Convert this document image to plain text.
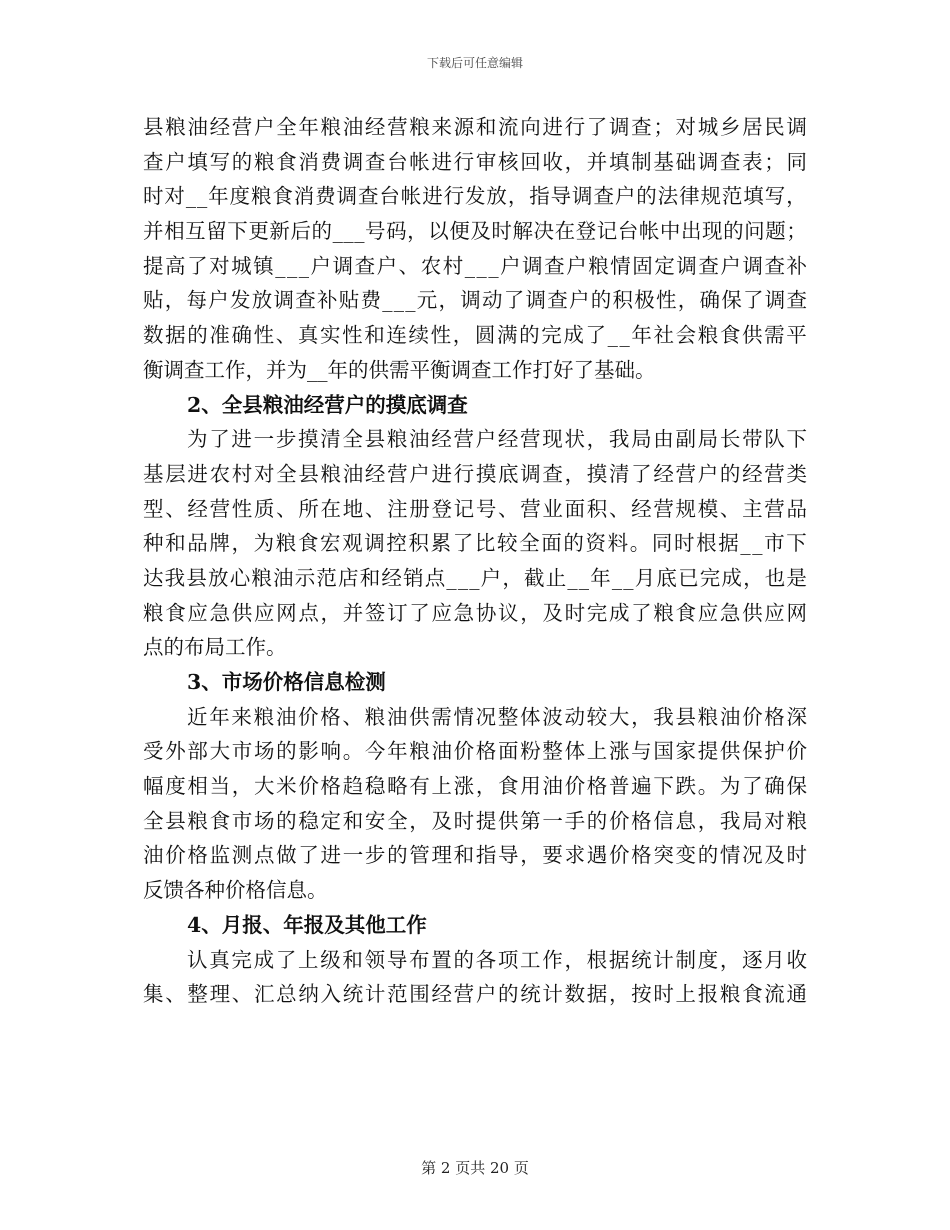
下载后可任意编辑
县 粮 油 经 营 户 全 年 粮 油 经 营 粮 来 源 和 流 向 进 行 了 调 查 ； 对 城 乡 居 民 调
查 户 填 写 的 粮 食 消 费 调 查 台 帐 进 行 审 核 回 收 ， 并 填 制 基 础 调 查 表 ； 同
时 对 _ _ 年 度 粮 食 消 费 调 查 台 帐 进 行 发 放 ， 指 导 调 查 户 的 法 律 规 范 填 写 ，
并 相 互 留 下 更 新 后 的 _ _ _ 号 码 ， 以 便 及 时 解 决 在 登 记 台 帐 中 出 现 的 问 题 ；
提 高 了 对 城 镇 _ _ _ 户 调 查 户 、 农 村 _ _ _ 户 调 查 户 粮 情 固 定 调 查 户 调 查 补
贴 ， 每 户 发 放 调 查 补 贴 费 _ _ _ 元 ， 调 动 了 调 查 户 的 积 极 性 ， 确 保 了 调 查
数 据 的 准 确 性 、 真 实 性 和 连 续 性 ， 圆 满 的 完 成 了 _ _ 年 社 会 粮 食 供 需 平
衡调查工作，并为__年的供需平衡调查工作打好了基础。
2、全县粮油经营户的摸底调查
为 了 进 一 步 摸 清 全 县 粮 油 经 营 户 经 营 现 状 ， 我 局 由 副 局 长 带 队 下
基 层 进 农 村 对 全 县 粮 油 经 营 户 进 行 摸 底 调 查 ， 摸 清 了 经 营 户 的 经 营 类
型 、 经 营 性 质 、 所 在 地 、 注 册 登 记 号 、 营 业 面 积 、 经 营 规 模 、 主 营 品
种 和 品 牌 ， 为 粮 食 宏 观 调 控 积 累 了 比 较 全 面 的 资 料 。 同 时 根 据 _ _ 市 下
达 我 县 放 心 粮 油 示 范 店 和 经 销 点 _ _ _ 户 ， 截 止 _ _ 年 _ _ 月 底 已 完 成 ， 也 是
粮 食 应 急 供 应 网 点 ， 并 签 订 了 应 急 协 议 ， 及 时 完 成 了 粮 食 应 急 供 应 网
点的布局工作。
3、市场价格信息检测
近 年 来 粮 油 价 格 、 粮 油 供 需 情 况 整 体 波 动 较 大 ， 我 县 粮 油 价 格 深
受 外 部 大 市 场 的 影 响 。 今 年 粮 油 价 格 面 粉 整 体 上 涨 与 国 家 提 供 保 护 价
幅 度 相 当 ， 大 米 价 格 趋 稳 略 有 上 涨 ， 食 用 油 价 格 普 遍 下 跌 。 为 了 确 保
全 县 粮 食 市 场 的 稳 定 和 安 全 ， 及 时 提 供 第 一 手 的 价 格 信 息 ， 我 局 对 粮
油 价 格 监 测 点 做 了 进 一 步 的 管 理 和 指 导 ， 要 求 遇 价 格 突 变 的 情 况 及 时
反馈各种价格信息。
4、月报、年报及其他工作
认 真 完 成 了 上 级 和 领 导 布 置 的 各 项 工 作 ， 根 据 统 计 制 度 ， 逐 月 收
集 、 整 理 、 汇 总 纳 入 统 计 范 围 经 营 户 的 统 计 数 据 ， 按 时 上 报 粮 食 流 通
第 2 页共 20 页
